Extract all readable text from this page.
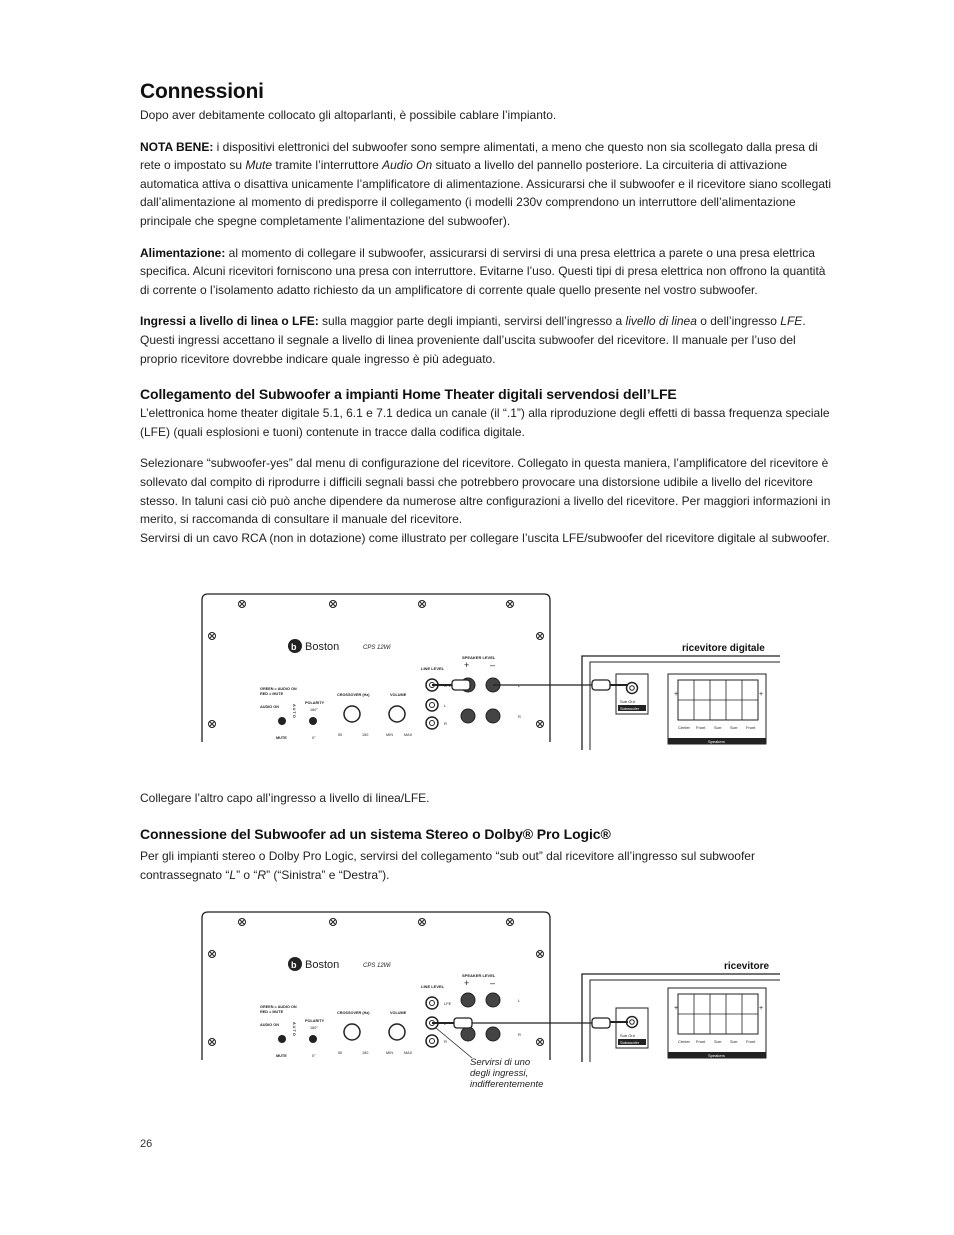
Connessioni

Dopo aver debitamente collocato gli altoparlanti, è possibile cablare l’impianto.

NOTA BENE: i dispositivi elettronici del subwoofer sono sempre alimentati, a meno che questo non sia scollegato dalla presa di rete o impostato su Mute tramite l’interruttore Audio On situato a livello del pannello posteriore. La circuiteria di attivazione automatica attiva o disattiva unicamente l’amplificatore di alimentazione. Assicurarsi che il subwoofer e il ricevitore siano scollegati dall’alimentazione al momento di predisporre il collegamento (i modelli 230v comprendono un interruttore dell’alimentazione principale che spegne completamente l’alimentazione del subwoofer).

Alimentazione: al momento di collegare il subwoofer, assicurarsi di servirsi di una presa elettrica a parete o una presa elettrica specifica. Alcuni ricevitori forniscono una presa con interruttore. Evitarne l’uso. Questi tipi di presa elettrica non offrono la quantità di corrente o l’isolamento adatto richiesto da un amplificatore di corrente quale quello presente nel vostro subwoofer.

Ingressi a livello di linea o LFE: sulla maggior parte degli impianti, servirsi dell’ingresso a livello di linea o dell’ingresso LFE. Questi ingressi accettano il segnale a livello di linea proveniente dall’uscita subwoofer del ricevitore. Il manuale per l’uso del proprio ricevitore dovrebbe indicare quale ingresso è più adeguato.

Collegamento del Subwoofer a impianti Home Theater digitali servendosi dell’LFE

L’elettronica home theater digitale 5.1, 6.1 e 7.1 dedica un canale (il “.1”) alla riproduzione degli effetti di bassa frequenza speciale (LFE) (quali esplosioni e tuoni) contenute in tracce dalla codifica digitale.

Selezionare “subwoofer-yes” dal menu di configurazione del ricevitore. Collegato in questa maniera, l’amplificatore del ricevitore è sollevato dal compito di riprodurre i difficili segnali bassi che potrebbero provocare una distorsione udibile a livello del ricevitore stesso. In taluni casi ciò può anche dipendere da numerose altre configurazioni a livello del ricevitore. Per maggiori informazioni in merito, si raccomanda di consultare il manuale del ricevitore.

Servirsi di un cavo RCA (non in dotazione) come illustrato per collegare l’uscita LFE/subwoofer del ricevitore digitale al subwoofer.

b Boston	CPS 12Wi
SPEAKER LEVEL
+ –
LINE LEVEL
LFE
L
R
L
R
GREEN = AUDIO ON
RED = MUTE
POLARITY
180°
AUDIO ON	A U T O
MUTE	0°
CROSSOVER (Hz)
50	150
VOLUME
MIN	MAX
ricevitore digitale
Sub Out
Subwoofer
+	+
Center Front Surr Surr Front
Speakers

Collegare l’altro capo all’ingresso a livello di linea/LFE.

Connessione del Subwoofer ad un sistema Stereo o Dolby® Pro Logic®

Per gli impianti stereo o Dolby Pro Logic, servirsi del collegamento “sub out” dal ricevitore all’ingresso sul subwoofer contrassegnato “L” o “R” (“Sinistra” e “Destra”).

b Boston	CPS 12Wi
SPEAKER LEVEL
+ –
LINE LEVEL
LFE
L
R
L
R
GREEN = AUDIO ON
RED = MUTE
POLARITY
180°
AUDIO ON	A U T O
MUTE	0°
CROSSOVER (Hz)
50	150
VOLUME
MIN	MAX
ricevitore
Sub Out
Subwoofer
+	+
Center Front Surr Surr Front
Speakers
Servirsi di uno
degli ingressi,
indifferentemente
26
